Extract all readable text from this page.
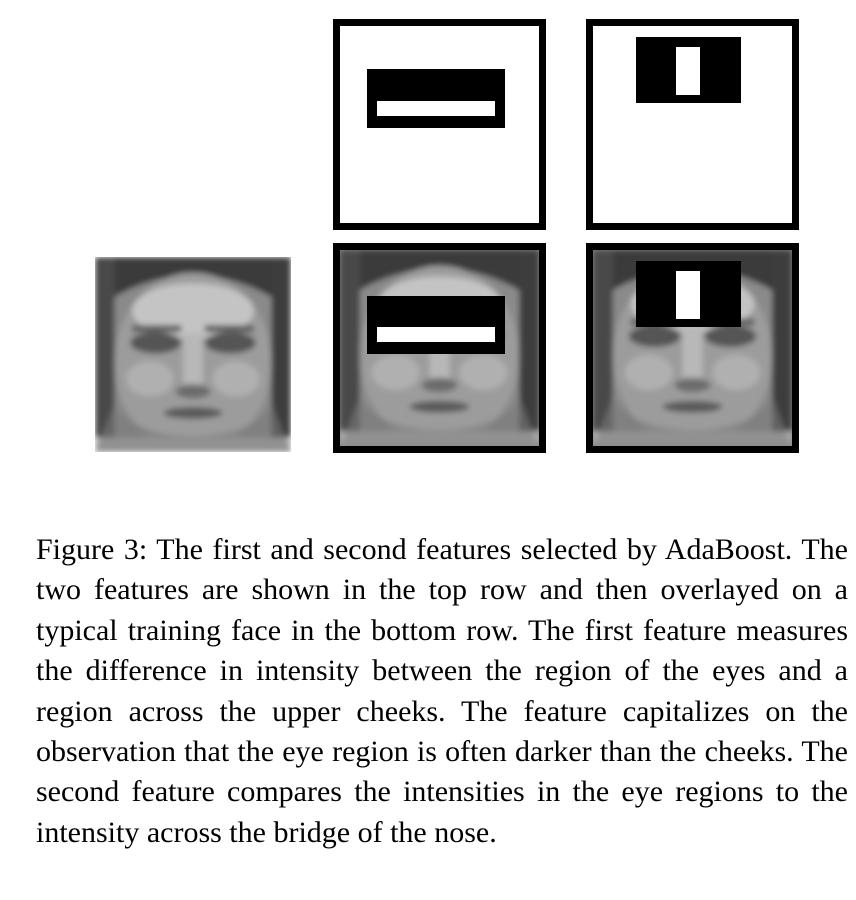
Figure 3: The first and second features selected by AdaBoost. The two features are shown in the top row and then overlayed on a typical training face in the bottom row. The first feature measures the difference in intensity between the region of the eyes and a region across the upper cheeks. The feature capitalizes on the observation that the eye region is often darker than the cheeks. The second feature compares the intensities in the eye regions to the intensity across the bridge of the nose.
